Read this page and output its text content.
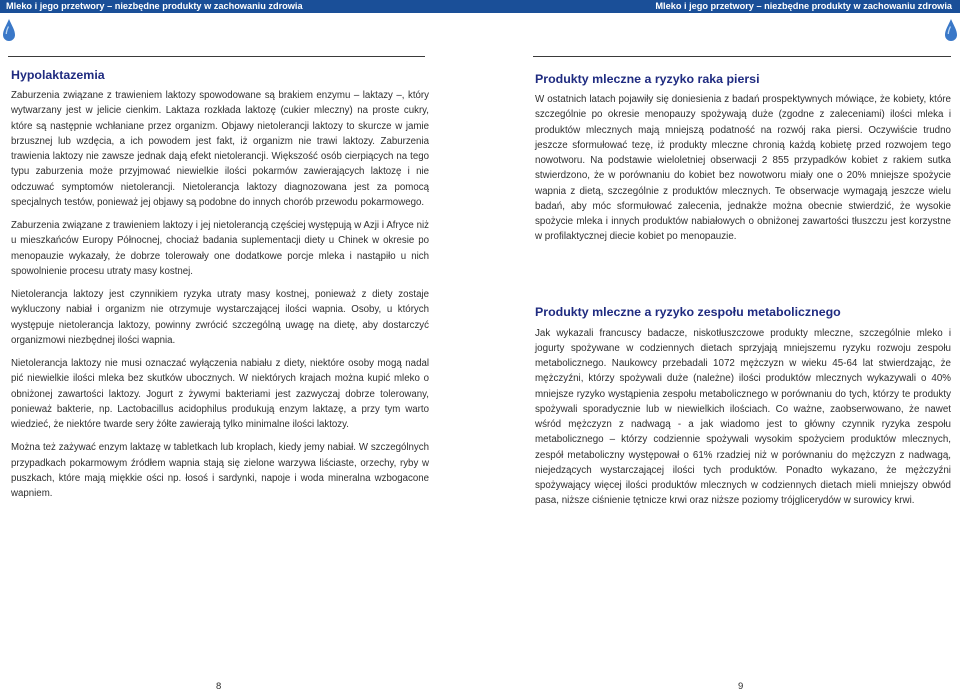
Mleko i jego przetwory – niezbędne produkty w zachowaniu zdrowia	Mleko i jego przetwory – niezbędne produkty w zachowaniu zdrowia
Hypolaktazemia

Zaburzenia związane z trawieniem laktozy spowodowane są brakiem enzymu – laktazy –, który wytwarzany jest w jelicie cienkim. Laktaza rozkłada laktozę (cukier mleczny) na proste cukry, które są następnie wchłaniane przez organizm. Objawy nietolerancji laktozy to skurcze w jamie brzusznej lub wzdęcia, a ich powodem jest fakt, iż organizm nie trawi laktozy. Zaburzenia trawienia laktozy nie zawsze jednak dają efekt nietolerancji. Większość osób cierpiących na tego typu zaburzenia może przyjmować niewielkie ilości pokarmów zawierających laktozę i nie odczuwać symptomów nietolerancji. Nietolerancja laktozy diagnozowana jest za pomocą specjalnych testów, ponieważ jej objawy są podobne do innych chorób przewodu pokarmowego.

Zaburzenia związane z trawieniem laktozy i jej nietolerancją częściej występują w Azji i Afryce niż u mieszkańców Europy Północnej, chociaż badania suplementacji diety u Chinek w okresie po menopauzie wykazały, że dobrze tolerowały one dodatkowe porcje mleka i nastąpiło u nich spowolnienie procesu utraty masy kostnej.

Nietolerancja laktozy jest czynnikiem ryzyka utraty masy kostnej, ponieważ z diety zostaje wykluczony nabiał i organizm nie otrzymuje wystarczającej ilości wapnia. Osoby, u których występuje nietolerancja laktozy, powinny zwrócić szczególną uwagę na dietę, aby dostarczyć organizmowi niezbędnej ilości wapnia.

Nietolerancja laktozy nie musi oznaczać wyłączenia nabiału z diety, niektóre osoby mogą nadal pić niewielkie ilości mleka bez skutków ubocznych. W niektórych krajach można kupić mleko o obniżonej zawartości laktozy. Jogurt z żywymi bakteriami jest zazwyczaj dobrze tolerowany, ponieważ bakterie, np. Lactobacillus acidophilus produkują enzym laktazę, a przy tym warto wiedzieć, że niektóre twarde sery żółte zawierają tylko minimalne ilości laktozy.

Można też zażywać enzym laktazę w tabletkach lub kroplach, kiedy jemy nabiał. W szczególnych przypadkach pokarmowym źródłem wapnia stają się zielone warzywa liściaste, orzechy, ryby w puszkach, które mają miękkie ości np. łosoś i sardynki, napoje i woda mineralna wzbogacone wapniem.

Produkty mleczne a ryzyko raka piersi

W ostatnich latach pojawiły się doniesienia z badań prospektywnych mówiące, że kobiety, które szczególnie po okresie menopauzy spożywają duże (zgodne z zaleceniami) ilości mleka i produktów mlecznych mają mniejszą podatność na rozwój raka piersi. Oczywiście trudno jeszcze sformułować tezę, iż produkty mleczne chronią każdą kobietę przed rozwojem tego nowotworu. Na podstawie wieloletniej obserwacji 2 855 przypadków kobiet z rakiem sutka stwierdzono, że w porównaniu do kobiet bez nowotworu miały one o 20% mniejsze spożycie wapnia z dietą, szczególnie z produktów mlecznych. Te obserwacje wymagają jeszcze wielu badań, aby móc sformułować zalecenia, jednakże można obecnie stwierdzić, że wysokie spożycie mleka i innych produktów nabiałowych o obniżonej zawartości tłuszczu jest korzystne w profilaktycznej diecie kobiet po menopauzie.

Produkty mleczne a ryzyko zespołu metabolicznego

Jak wykazali francuscy badacze, niskotłuszczowe produkty mleczne, szczególnie mleko i jogurty spożywane w codziennych dietach sprzyjają mniejszemu ryzyku rozwoju zespołu metabolicznego. Naukowcy przebadali 1072 mężczyzn w wieku 45-64 lat stwierdzając, że mężczyźni, którzy spożywali duże (należne) ilości produktów mlecznych wykazywali o 40% mniejsze ryzyko wystąpienia zespołu metabolicznego w porównaniu do tych, którzy te produkty spożywali sporadycznie lub w niewielkich ilościach. Co ważne, zaobserwowano, że nawet wśród mężczyzn z nadwagą - a jak wiadomo jest to główny czynnik ryzyka zespołu metabolicznego – którzy codziennie spożywali wysokim spożyciem produktów mlecznych, zespół metaboliczny występował o 61% rzadziej niż w porównaniu do mężczyzn z nadwagą, niejedzących wystarczającej ilości tych produktów. Ponadto wykazano, że mężczyźni spożywający więcej ilości produktów mlecznych w codziennych dietach mieli mniejszy obwód pasa, niższe ciśnienie tętnicze krwi oraz niższe poziomy trójglicerydów w surowicy krwi.

8	9
